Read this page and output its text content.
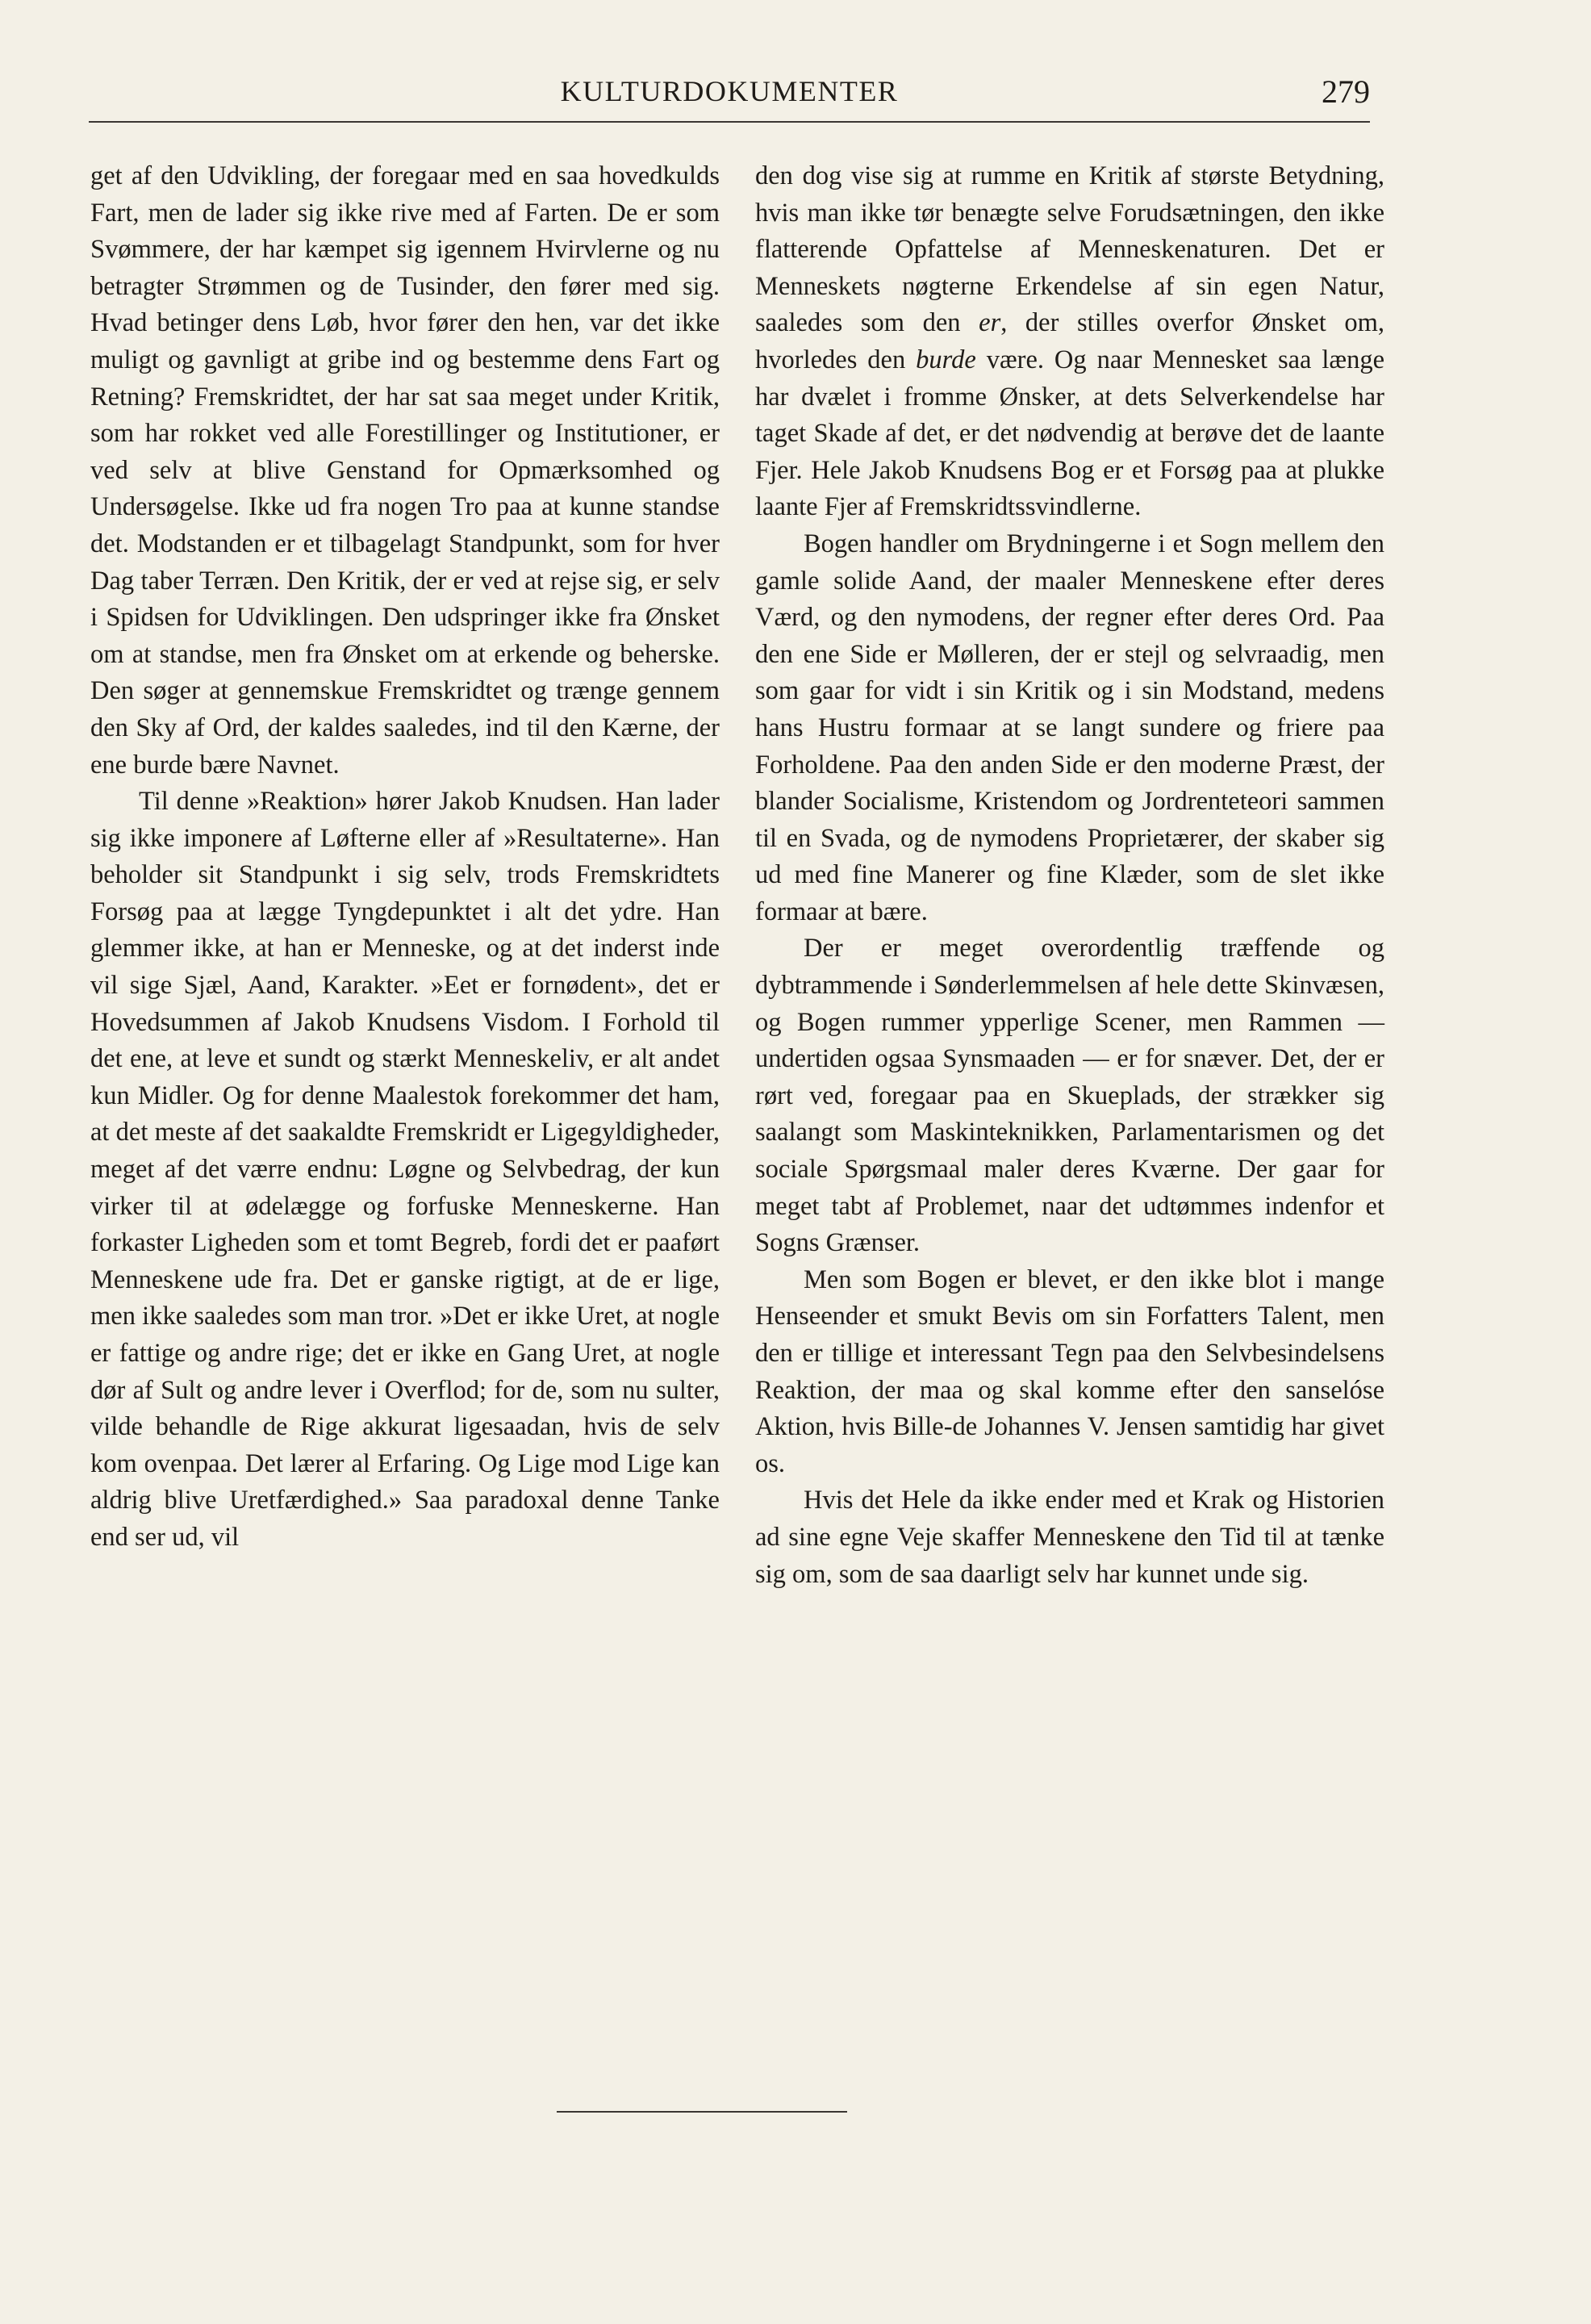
KULTURDOKUMENTER	279

get af den Udvikling, der foregaar med en saa hovedkulds Fart, men de lader sig ikke rive med af Farten. De er som Svømmere, der har kæmpet sig igennem Hvirvlerne og nu betragter Strømmen og de Tusinder, den fører med sig. Hvad betinger dens Løb, hvor fører den hen, var det ikke muligt og gavnligt at gribe ind og bestemme dens Fart og Retning? Fremskridtet, der har sat saa meget under Kritik, som har rokket ved alle Forestillinger og Institutioner, er ved selv at blive Genstand for Opmærksomhed og Undersøgelse. Ikke ud fra nogen Tro paa at kunne standse det. Modstanden er et tilbagelagt Standpunkt, som for hver Dag taber Terræn. Den Kritik, der er ved at rejse sig, er selv i Spidsen for Udviklingen. Den udspringer ikke fra Ønsket om at standse, men fra Ønsket om at erkende og beherske. Den søger at gennemskue Fremskridtet og trænge gennem den Sky af Ord, der kaldes saaledes, ind til den Kærne, der ene burde bære Navnet.

Til denne »Reaktion» hører Jakob Knudsen. Han lader sig ikke imponere af Løfterne eller af »Resultaterne». Han beholder sit Standpunkt i sig selv, trods Fremskridtets Forsøg paa at lægge Tyngdepunktet i alt det ydre. Han glemmer ikke, at han er Menneske, og at det inderst inde vil sige Sjæl, Aand, Karakter. »Eet er fornødent», det er Hovedsummen af Jakob Knudsens Visdom. I Forhold til det ene, at leve et sundt og stærkt Menneskeliv, er alt andet kun Midler. Og for denne Maalestok forekommer det ham, at det meste af det saakaldte Fremskridt er Ligegyldigheder, meget af det værre endnu: Løgne og Selvbedrag, der kun virker til at ødelægge og forfuske Menneskerne. Han forkaster Ligheden som et tomt Begreb, fordi det er paaført Menneskene ude fra. Det er ganske rigtigt, at de er lige, men ikke saaledes som man tror. »Det er ikke Uret, at nogle er fattige og andre rige; det er ikke en Gang Uret, at nogle dør af Sult og andre lever i Overflod; for de, som nu sulter, vilde behandle de Rige akkurat ligesaadan, hvis de selv kom ovenpaa. Det lærer al Erfaring. Og Lige mod Lige kan aldrig blive Uretfærdighed.» Saa paradoxal denne Tanke end ser ud, vil

den dog vise sig at rumme en Kritik af største Betydning, hvis man ikke tør benægte selve Forudsætningen, den ikke flatterende Opfattelse af Menneskenaturen. Det er Menneskets nøgterne Erkendelse af sin egen Natur, saaledes som den er, der stilles overfor Ønsket om, hvorledes den burde være. Og naar Mennesket saa længe har dvælet i fromme Ønsker, at dets Selverkendelse har taget Skade af det, er det nødvendig at berøve det de laante Fjer. Hele Jakob Knudsens Bog er et Forsøg paa at plukke laante Fjer af Fremskridtssvindlerne.

Bogen handler om Brydningerne i et Sogn mellem den gamle solide Aand, der maaler Menneskene efter deres Værd, og den nymodens, der regner efter deres Ord. Paa den ene Side er Mølleren, der er stejl og selvraadig, men som gaar for vidt i sin Kritik og i sin Modstand, medens hans Hustru formaar at se langt sundere og friere paa Forholdene. Paa den anden Side er den moderne Præst, der blander Socialisme, Kristendom og Jordrenteteori sammen til en Svada, og de nymodens Proprietærer, der skaber sig ud med fine Manerer og fine Klæder, som de slet ikke formaar at bære.

Der er meget overordentlig træffende og dybtrammende i Sønderlemmelsen af hele dette Skinvæsen, og Bogen rummer ypperlige Scener, men Rammen — undertiden ogsaa Synsmaaden — er for snæver. Det, der er rørt ved, foregaar paa en Skueplads, der strækker sig saalangt som Maskinteknikken, Parlamentarismen og det sociale Spørgsmaal maler deres Kværne. Der gaar for meget tabt af Problemet, naar det udtømmes indenfor et Sogns Grænser.

Men som Bogen er blevet, er den ikke blot i mange Henseender et smukt Bevis om sin Forfatters Talent, men den er tillige et interessant Tegn paa den Selvbesindelsens Reaktion, der maa og skal komme efter den sanselóse Aktion, hvis Bille-de Johannes V. Jensen samtidig har givet os.

Hvis det Hele da ikke ender med et Krak og Historien ad sine egne Veje skaffer Menneskene den Tid til at tænke sig om, som de saa daarligt selv har kunnet unde sig.
